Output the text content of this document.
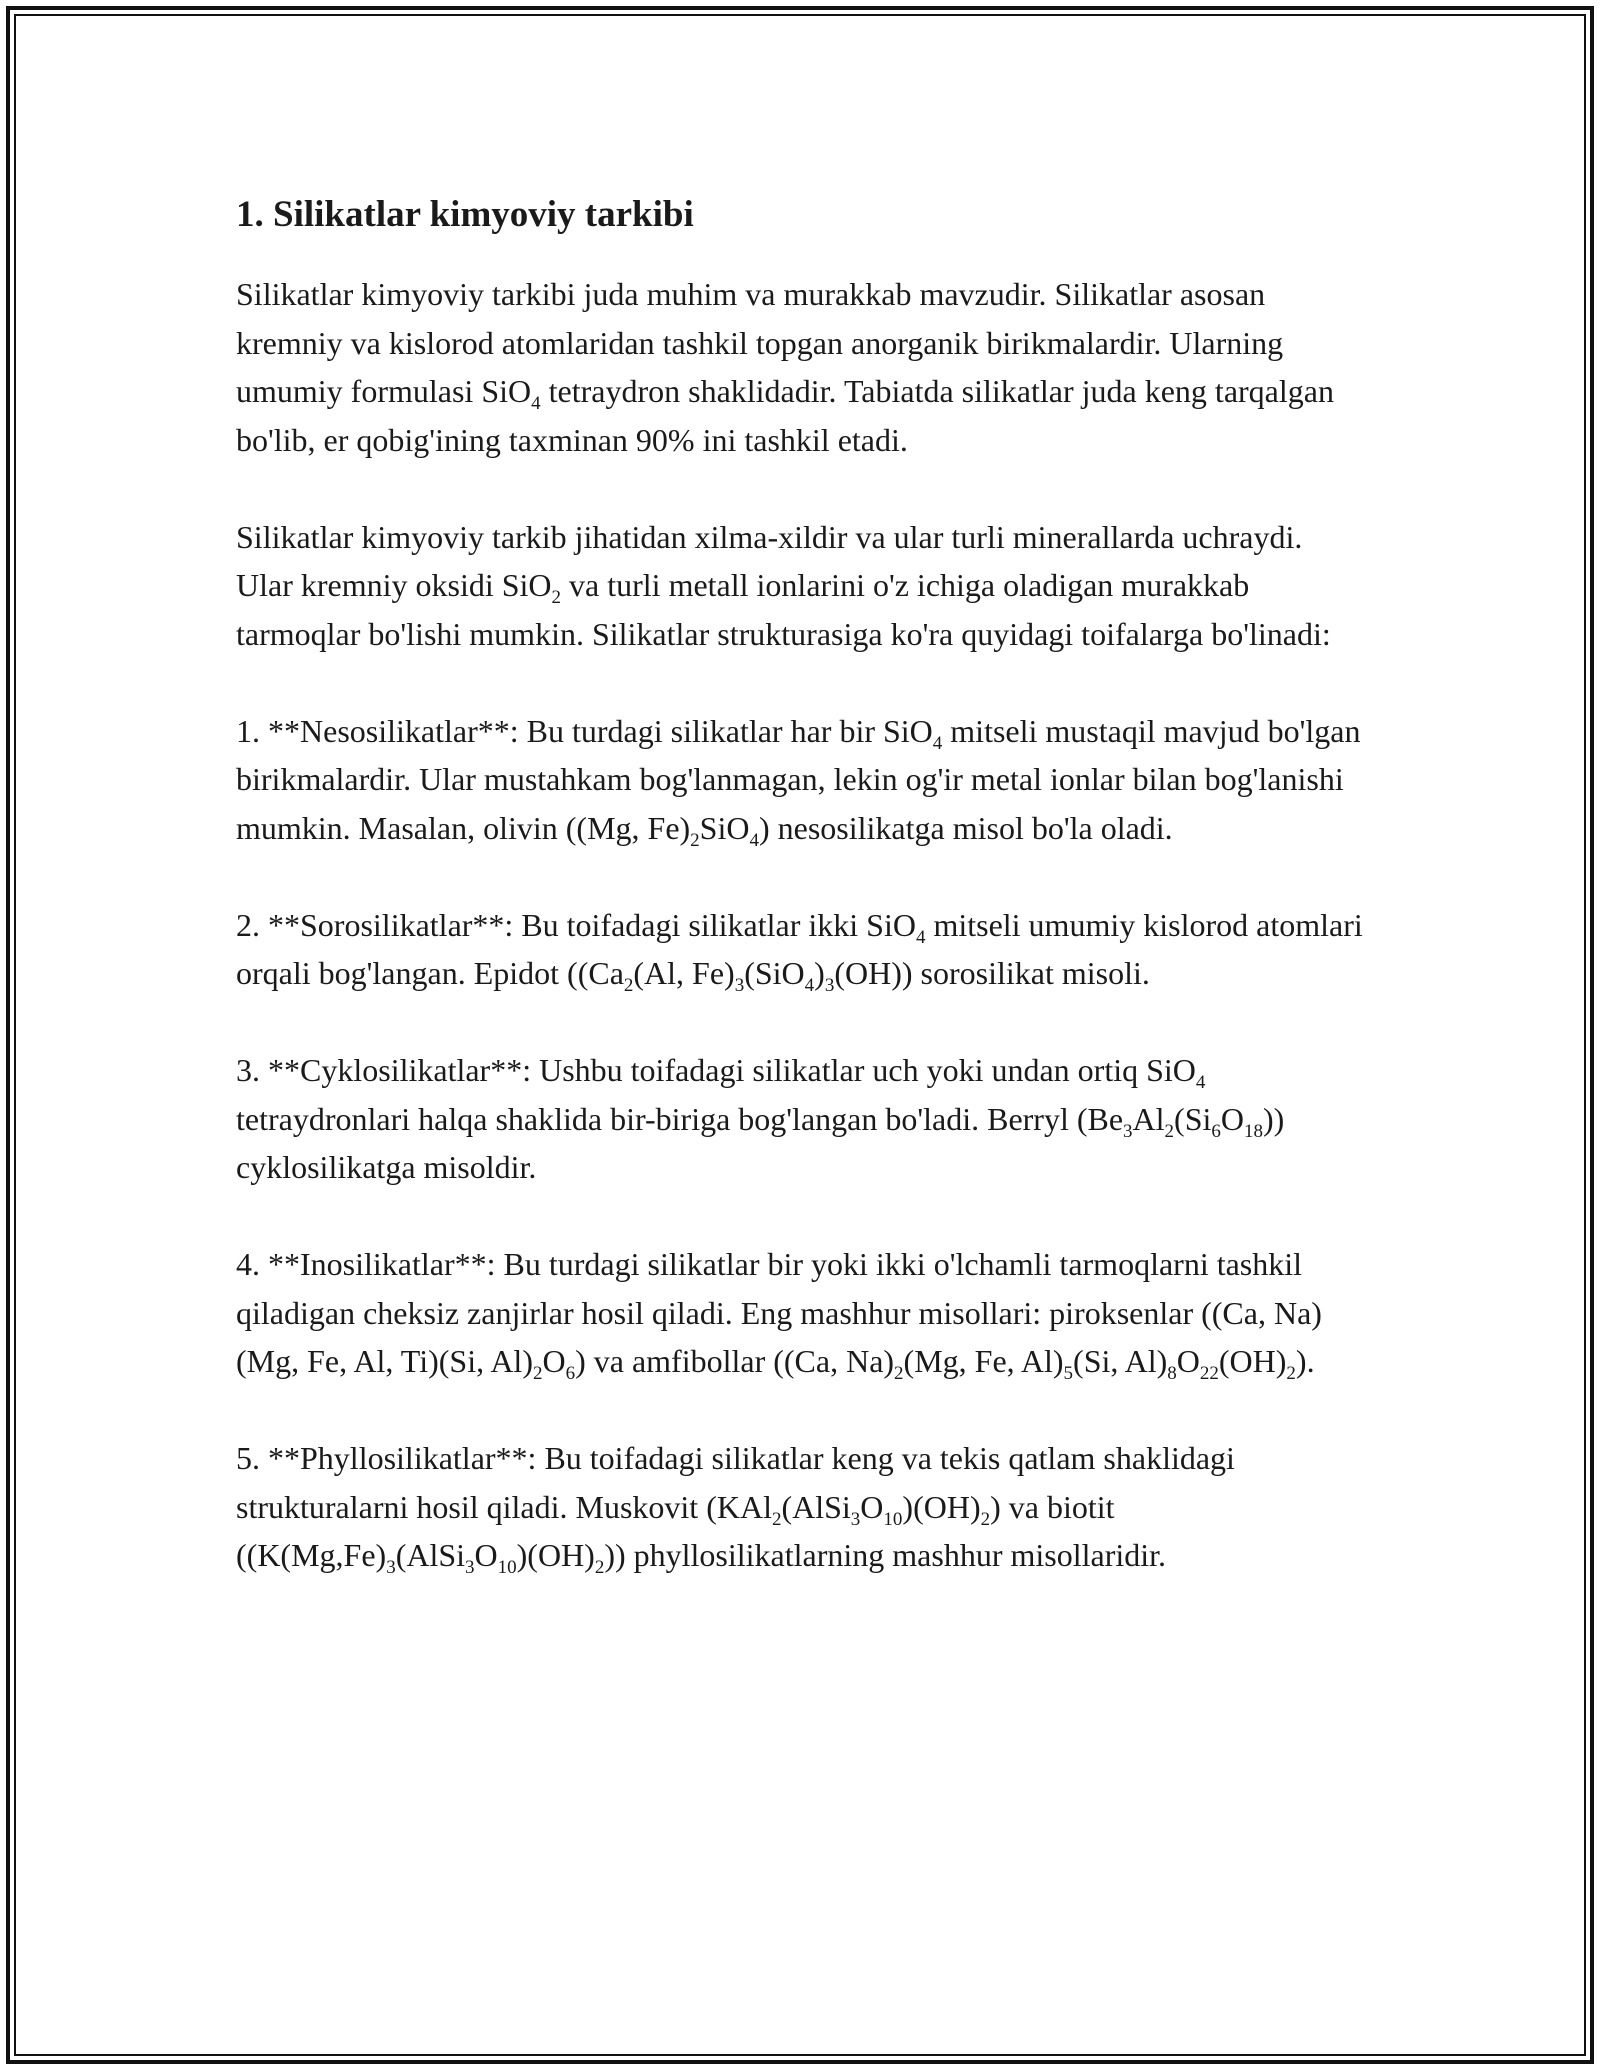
1. Silikatlar kimyoviy tarkibi

Silikatlar kimyoviy tarkibi juda muhim va murakkab mavzudir. Silikatlar asosan kremniy va kislorod atomlaridan tashkil topgan anorganik birikmalardir. Ularning umumiy formulasi SiO$_4$ tetraydron shaklidadir. Tabiatda silikatlar juda keng tarqalgan bo'lib, er qobig'ining taxminan 90% ini tashkil etadi.

Silikatlar kimyoviy tarkib jihatidan xilma-xildir va ular turli minerallarda uchraydi. Ular kremniy oksidi SiO$_2$ va turli metall ionlarini o'z ichiga oladigan murakkab tarmoqlar bo'lishi mumkin. Silikatlar strukturasiga ko'ra quyidagi toifalarga bo'linadi:

1. **Nesosilikatlar**: Bu turdagi silikatlar har bir SiO$_4$ mitseli mustaqil mavjud bo'lgan birikmalardir. Ular mustahkam bog'lanmagan, lekin og'ir metal ionlar bilan bog'lanishi mumkin. Masalan, olivin ((Mg, $Fe)_2SiO_4$) nesosilikatga misol bo'la oladi.

2. **Sorosilikatlar**: Bu toifadagi silikatlar ikki SiO$_4$ mitseli umumiy kislorod atomlari orqali bog'langan. Epidot (($Ca_2(Al$, $Fe)_3(SiO_4)_3(OH)$) sorosilikat misoli.

3. **Cyklosilikatlar**: Ushbu toifadagi silikatlar uch yoki undan ortiq SiO$_4$ tetraydronlari halqa shaklida bir-biriga bog'langan bo'ladi. Berryl $(Be_3Al_2(Si_6O_{18}))$ cyklosilikatga misoldir.

4. **Inosilikatlar**: Bu turdagi silikatlar bir yoki ikki o'lchamli tarmoqlarni tashkil qiladigan cheksiz zanjirlar hosil qiladi. Eng mashhur misollari: piroksenlar ((Ca, Na)(Mg, Fe, Al, Ti)(Si, $Al)_2O_6$) va amfibollar ((Ca, $Na)_2(Mg$, Fe, $Al)_5(Si$, $Al)_8O_{22}(OH)_2$).

5. **Phyllosilikatlar**: Bu toifadagi silikatlar keng va tekis qatlam shaklidagi strukturalarni hosil qiladi. Muskovit $(KAl_2(AlSi_3O_{10})(OH)_2)$ va biotit $((K(Mg,Fe)_3(AlSi_3O_{10})(OH)_2))$ phyllosilikatlarning mashhur misollaridir.
